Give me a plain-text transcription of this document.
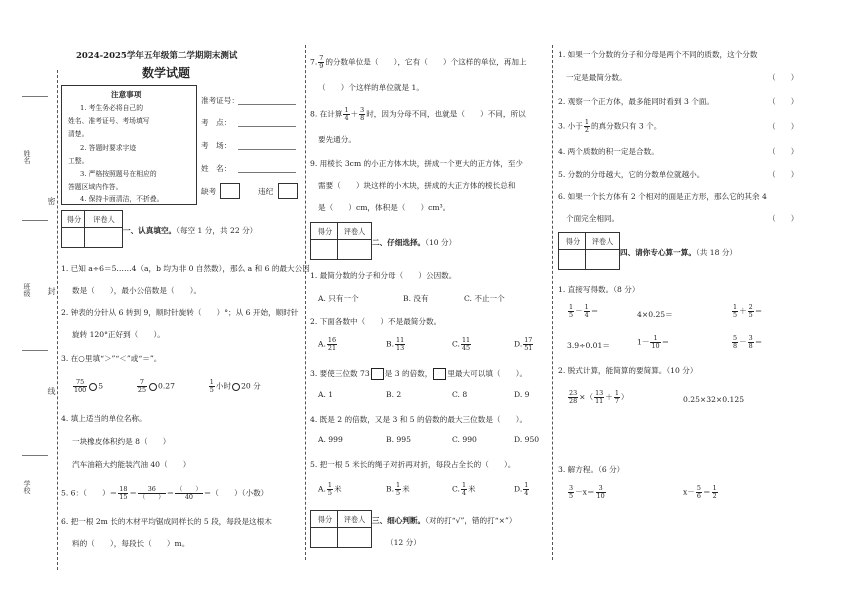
姓名
班级
学校
密
封
线
2024-2025学年五年级第二学期期末测试
数学试题
注意事项
1. 考生务必将自己的
姓名、准考证号、考场填写
清楚。
2. 答题时要求字迹
工整。
3. 严格按照题号在相应的
答题区域内作答。
4. 保持卡面清洁，不折叠。
准考证号：
考　点：
考　场：
姓　名：
缺考	违纪
得分	评卷人
一、认真填空。（每空 1 分，共 22 分）
1. 已知 a÷6＝5……4（a，b 均为非 0 自然数），那么 a 和 6 的最大公因
数是（　　），最小公倍数是（　　）。
2. 钟表的分针从 6 转到 9，顺时针旋转（　　）°；从 6 开始，顺时针
旋转 120°正好到（　　）。
3. 在○里填“＞”“＜”或“＝”。
$\frac{75}{100} 5$	$\frac{7}{25} 0.27$	$\frac{1}{5}$ 小时 20 分
4. 填上适当的单位名称。
一块橡皮体积约是 8（　　）
汽车油箱大约能装汽油 40（　　）
5. 6：（　　）＝ $\frac{18}{15} = \frac{36}{( )} = \frac{( )}{40}$ ＝（　　）（小数）
6. 把一根 2m 长的木材平均锯成同样长的 5 段，每段是这根木
料的（　　），每段长（　　）m。
7. $\frac{7}{9}$ 的分数单位是（　　），它有（　　）个这样的单位，再加上
（　　）个这样的单位就是 1。
8. 在计算 $\frac{1}{4} + \frac{3}{8}$ 时，因为分母不同，也就是（　　）不同，所以
要先通分。
9. 用棱长 3cm 的小正方体木块，拼成一个更大的正方体，至少
需要（　　）块这样的小木块，拼成的大正方体的棱长总和
是（　　）cm，体积是（　　）cm³。
得分	评卷人
二、仔细选择。（10 分）
1. 最简分数的分子和分母（　　）公因数。
A. 只有一个	B. 没有	C. 不止一个
2. 下面各数中（　　）不是最简分数。
A. $\frac{16}{21}$	B. $\frac{11}{13}$	C. $\frac{11}{45}$	D. $\frac{17}{51}$
3. 要使三位数 73 是 3 的倍数， 里最大可以填（　　）。
A. 1	B. 2	C. 8	D. 9
4. 既是 2 的倍数，又是 3 和 5 的倍数的最大三位数是（　　）。
A. 999	B. 995	C. 990	D. 950
5. 把一根 5 米长的绳子对折再对折，每段占全长的（　　）。
A. $\frac{1}{5}$ 米	B. $\frac{1}{5}$ 米	C. $\frac{1}{4}$ 米	D. $\frac{1}{4}$
得分	评卷人 三、细心判断。（对的打“√”，错的打“×”）
（12 分）
1. 如果一个分数的分子和分母是两个不同的质数，这个分数
一定是最简分数。	（　　）
2. 观察一个正方体，最多能同时看到 3 个面。	（　　）
3. 小于 $\frac{1}{2}$ 的真分数只有 3 个。	（　　）
4. 两个质数的积一定是合数。	（　　）
5. 分数的分母越大，它的分数单位就越小。	（　　）
6. 如果一个长方体有 2 个相对的面是正方形，那么它的其余 4
个面完全相同。	（　　）
得分	评卷人
四、请你专心算一算。（共 18 分）
1. 直接写得数。（8 分）
$\frac{1}{5} - \frac{1}{4}$ ＝	4×0.25＝	$\frac{1}{5} + \frac{2}{5}$ ＝
3.9÷0.01＝	$1- \frac{1}{10}$ ＝	$\frac{5}{8} - \frac{3}{8}$ ＝
2. 脱式计算，能简算的要简算。（10 分）
$\frac{23}{28}$ ×（ $\frac{13}{11} + \frac{1}{7}$ ）	0.25×32×0.125
3. 解方程。（6 分）
$\frac{3}{5} -x= \frac{3}{10}$	$x- \frac{5}{6} = \frac{1}{2}$
